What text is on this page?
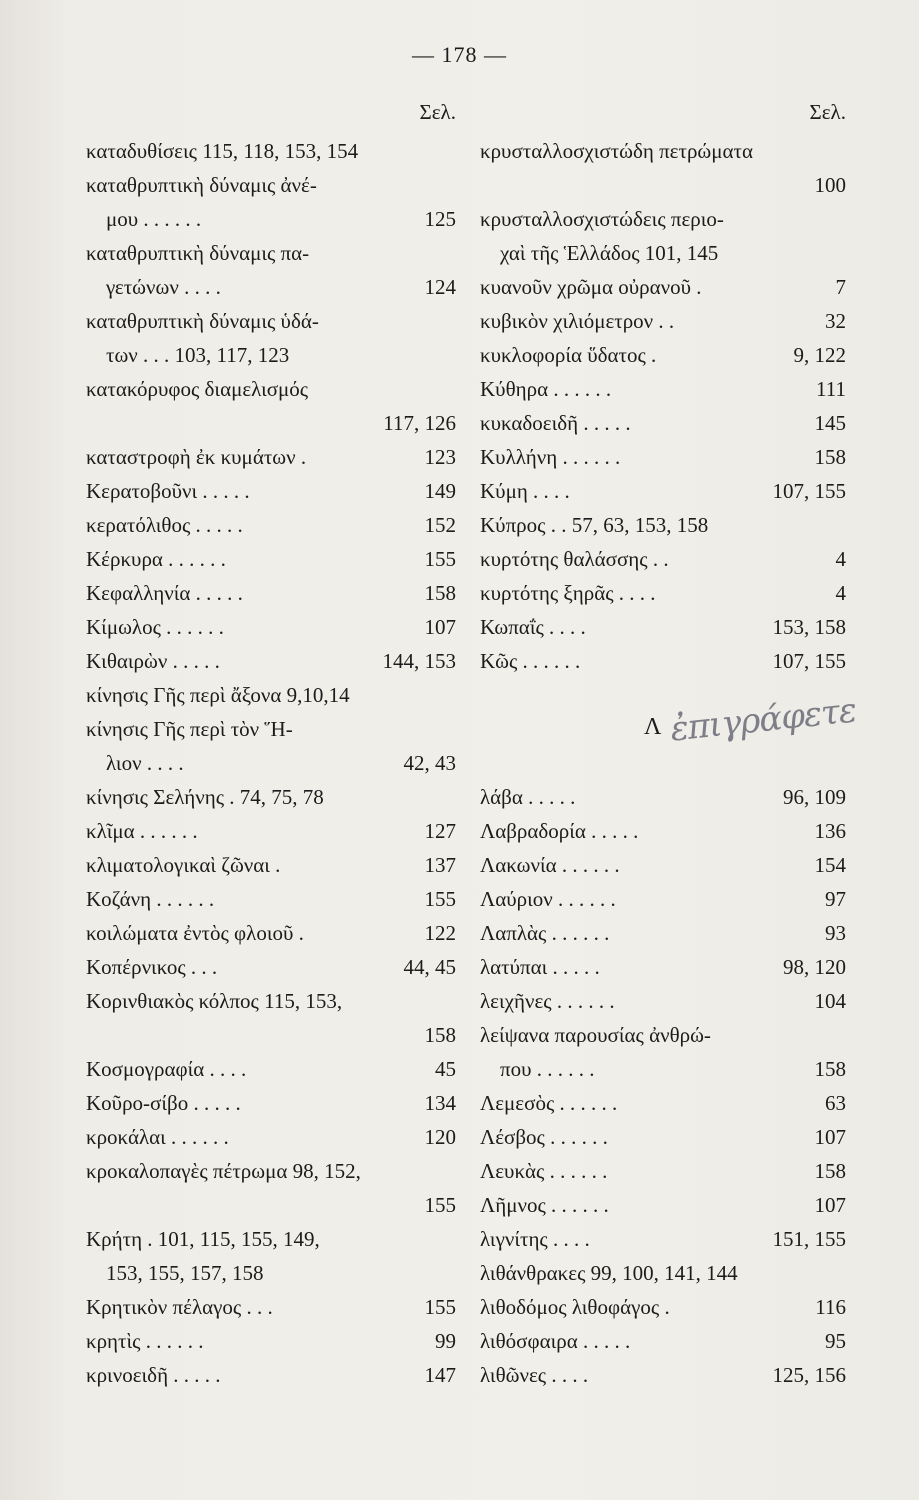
— 178 —
Σελ.
καταδυθίσεις 115, 118, 153, 154
καταθρυπτικὴ δύναμις ἀνέ-
μου . . . . . .	125
καταθρυπτικὴ δύναμις πα-
γετώνων . . . .	124
καταθρυπτικὴ δύναμις ὑδά-
των . . . 103, 117, 123
κατακόρυφος διαμελισμός
117, 126
καταστροφὴ ἐκ κυμάτων .	123
Κερατοβοῦνι . . . . .	149
κερατόλιθος . . . . .	152
Κέρκυρα . . . . . .	155
Κεφαλληνία . . . . .	158
Κίμωλος . . . . . .	107
Κιθαιρὼν . . . . .	144, 153
κίνησις Γῆς περὶ ἄξονα 9,10,14
κίνησις Γῆς περὶ τὸν Ἥ-
λιον . . . .	42, 43
κίνησις Σελήνης . 74, 75, 78
κλῖμα . . . . . .	127
κλιματολογικαὶ ζῶναι .	137
Κοζάνη . . . . . .	155
κοιλώματα ἐντὸς φλοιοῦ .	122
Κοπέρνικος . . .	44, 45
Κορινθιακὸς κόλπος 115, 153,
158
Κοσμογραφία . . . .	45
Κοῦρο-σίβο . . . . .	134
κροκάλαι . . . . . .	120
κροκαλοπαγὲς πέτρωμα 98, 152,
155
Κρήτη . 101, 115, 155, 149,
153, 155, 157, 158
Κρητικὸν πέλαγος . . .	155
κρητὶς . . . . . .	99
κρινοειδῆ . . . . .	147
Σελ.
κρυσταλλοσχιστώδη πετρώματα
100
κρυσταλλοσχιστώδεις περιο-
χαὶ τῆς Ἑλλάδος 101, 145
κυανοῦν χρῶμα οὐρανοῦ .	7
κυβικὸν χιλιόμετρον . .	32
κυκλοφορία ὕδατος .	9, 122
Κύθηρα . . . . . .	111
κυκαδοειδῆ . . . . .	145
Κυλλήνη . . . . . .	158
Κύμη . . . .	107, 155
Κύπρος . . 57, 63, 153, 158
κυρτότης θαλάσσης . .	4
κυρτότης ξηρᾶς . . . .	4
Κωπαΐς . . . .	153, 158
Κῶς . . . . . .	107, 155
Λ ἐπιγράφετε
λάβα . . . . .	96, 109
Λαβραδορία . . . . .	136
Λακωνία . . . . . .	154
Λαύριον . . . . . .	97
Λαπλὰς . . . . . .	93
λατύπαι . . . . .	98, 120
λειχῆνες . . . . . .	104
λείψανα παρουσίας ἀνθρώ-
που . . . . . .	158
Λεμεσὸς . . . . . .	63
Λέσβος . . . . . .	107
Λευκὰς . . . . . .	158
Λῆμνος . . . . . .	107
λιγνίτης . . . .	151, 155
λιθάνθρακες 99, 100, 141, 144
λιθοδόμος λιθοφάγος .	116
λιθόσφαιρα . . . . .	95
λιθῶνες . . . .	125, 156
